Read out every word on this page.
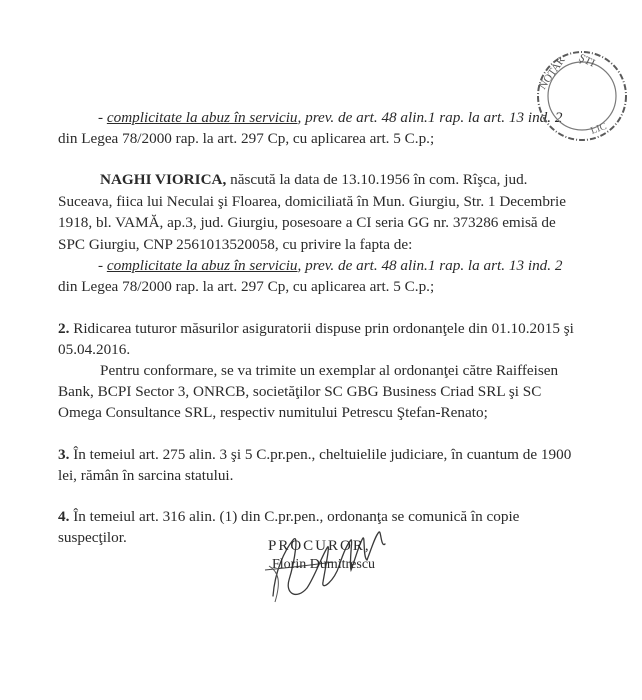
- complicitate la abuz în serviciu, prev. de art. 48 alin.1 rap. la art. 13 ind. 2
din Legea 78/2000 rap. la art. 297 Cp, cu aplicarea art. 5 C.p.;
NAGHI VIORICA, născută la data de 13.10.1956 în com. Rîşca, jud.
Suceava, fiica lui Neculai şi Floarea, domiciliată în Mun. Giurgiu, Str. 1 Decembrie
1918, bl. VAMĂ, ap.3, jud. Giurgiu, posesoare a CI seria GG nr. 373286 emisă de
SPC Giurgiu, CNP 2561013520058, cu privire la fapta de:
- complicitate la abuz în serviciu, prev. de art. 48 alin.1 rap. la art. 13 ind. 2
din Legea 78/2000 rap. la art. 297 Cp, cu aplicarea art. 5 C.p.;
2. Ridicarea tuturor măsurilor asiguratorii dispuse prin ordonanţele din 01.10.2015 şi
05.04.2016.
Pentru conformare, se va trimite un exemplar al ordonanţei către Raiffeisen
Bank, BCPI Sector 3, ONRCB, societăţilor SC GBG Business Criad SRL şi SC
Omega Consultance SRL, respectiv numitului Petrescu Ştefan-Renato;
3. În temeiul art. 275 alin. 3 şi 5 C.pr.pen., cheltuielile judiciare, în cuantum de 1900
lei, rămân în sarcina statului.
4. În temeiul art. 316 alin. (1) din C.pr.pen., ordonanţa se comunică în copie
suspecţilor.
NOTAR ŞTI
LIC
PROCUROR,
Florin Dumitrescu
